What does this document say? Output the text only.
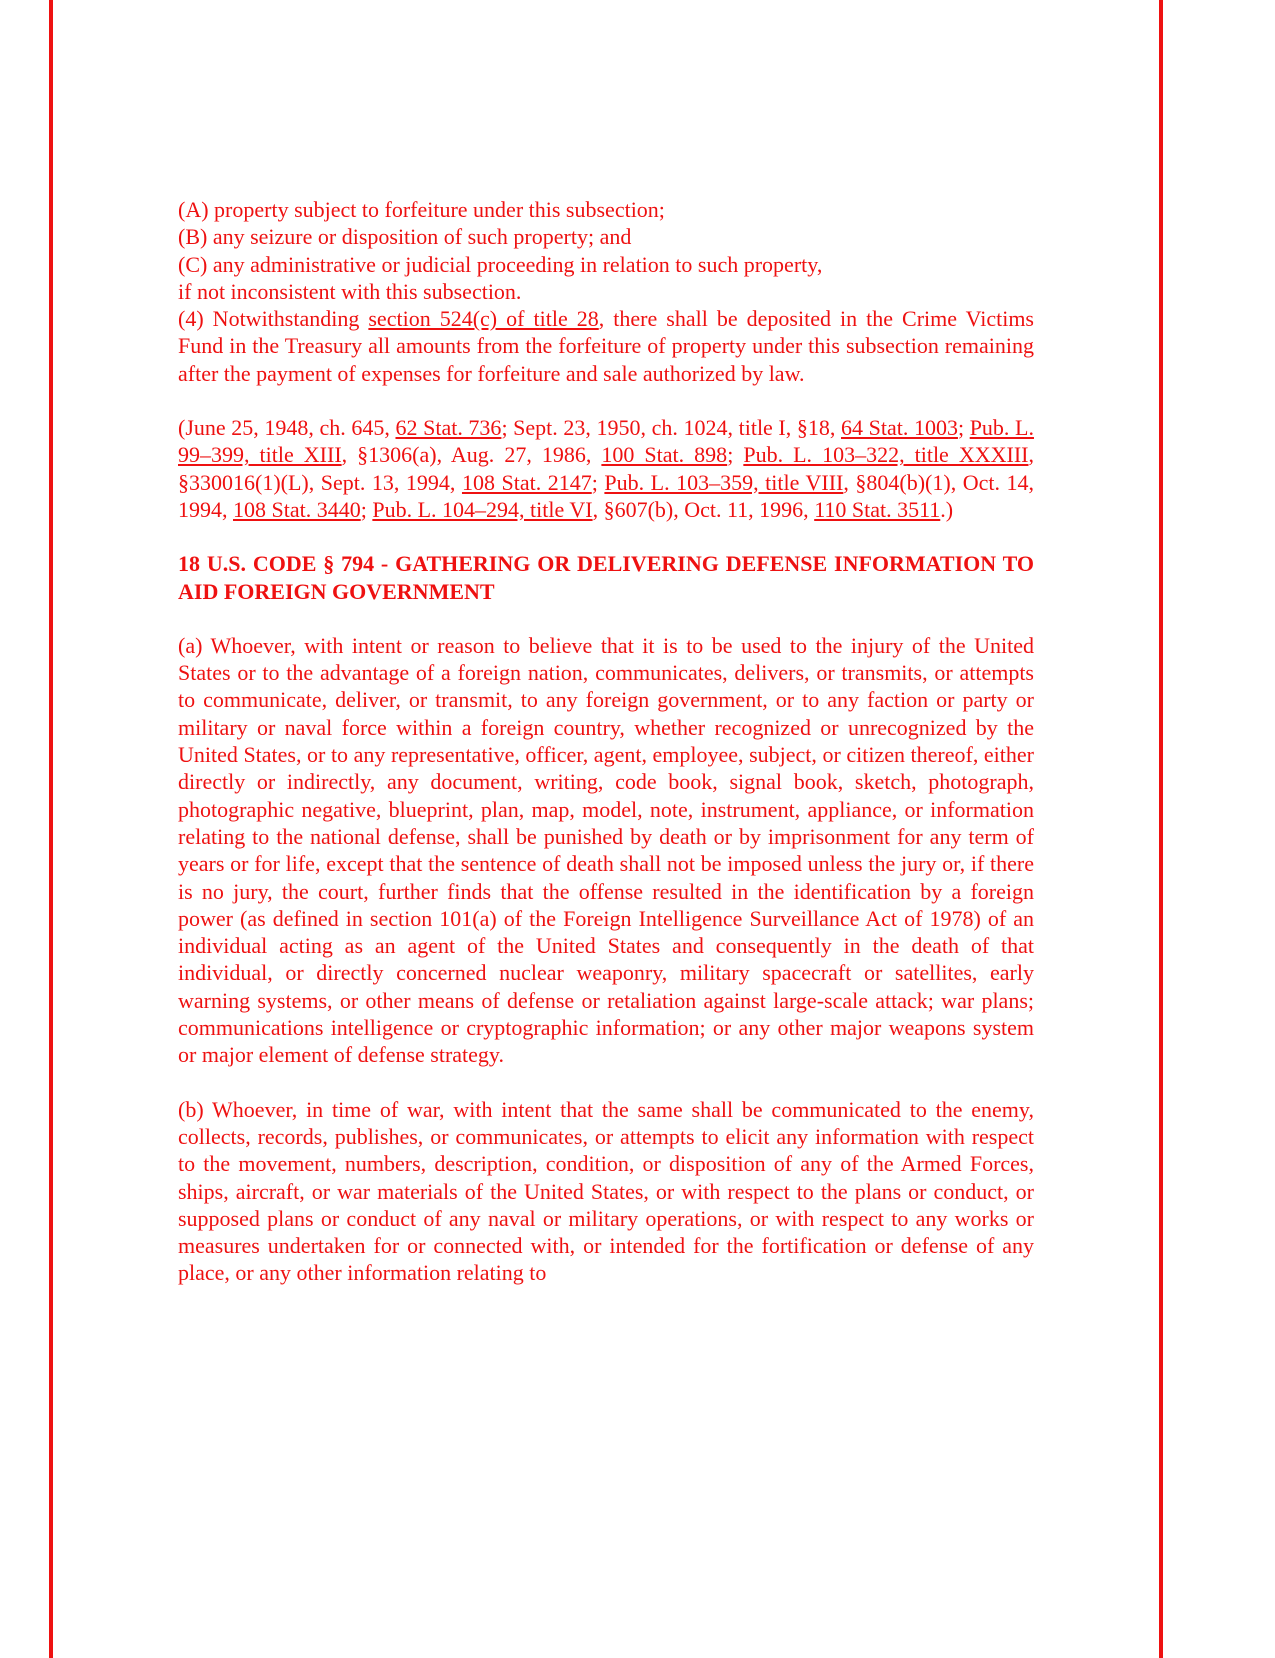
(A) property subject to forfeiture under this subsection;
(B) any seizure or disposition of such property; and
(C) any administrative or judicial proceeding in relation to such property,
if not inconsistent with this subsection.

(4) Notwithstanding section 524(c) of title 28, there shall be deposited in the Crime Victims Fund in the Treasury all amounts from the forfeiture of property under this subsection remaining after the payment of expenses for forfeiture and sale authorized by law.

(June 25, 1948, ch. 645, 62 Stat. 736; Sept. 23, 1950, ch. 1024, title I, §18, 64 Stat. 1003; Pub. L. 99–399, title XIII, §1306(a), Aug. 27, 1986, 100 Stat. 898; Pub. L. 103–322, title XXXIII, §330016(1)(L), Sept. 13, 1994, 108 Stat. 2147; Pub. L. 103–359, title VIII, §804(b)(1), Oct. 14, 1994, 108 Stat. 3440; Pub. L. 104–294, title VI, §607(b), Oct. 11, 1996, 110 Stat. 3511.)

18 U.S. CODE § 794 - GATHERING OR DELIVERING DEFENSE INFORMATION TO AID FOREIGN GOVERNMENT

(a) Whoever, with intent or reason to believe that it is to be used to the injury of the United States or to the advantage of a foreign nation, communicates, delivers, or transmits, or attempts to communicate, deliver, or transmit, to any foreign government, or to any faction or party or military or naval force within a foreign country, whether recognized or unrecognized by the United States, or to any representative, officer, agent, employee, subject, or citizen thereof, either directly or indirectly, any document, writing, code book, signal book, sketch, photograph, photographic negative, blueprint, plan, map, model, note, instrument, appliance, or information relating to the national defense, shall be punished by death or by imprisonment for any term of years or for life, except that the sentence of death shall not be imposed unless the jury or, if there is no jury, the court, further finds that the offense resulted in the identification by a foreign power (as defined in section 101(a) of the Foreign Intelligence Surveillance Act of 1978) of an individual acting as an agent of the United States and consequently in the death of that individual, or directly concerned nuclear weaponry, military spacecraft or satellites, early warning systems, or other means of defense or retaliation against large-scale attack; war plans; communications intelligence or cryptographic information; or any other major weapons system or major element of defense strategy.

(b) Whoever, in time of war, with intent that the same shall be communicated to the enemy, collects, records, publishes, or communicates, or attempts to elicit any information with respect to the movement, numbers, description, condition, or disposition of any of the Armed Forces, ships, aircraft, or war materials of the United States, or with respect to the plans or conduct, or supposed plans or conduct of any naval or military operations, or with respect to any works or measures undertaken for or connected with, or intended for the fortification or defense of any place, or any other information relating to
